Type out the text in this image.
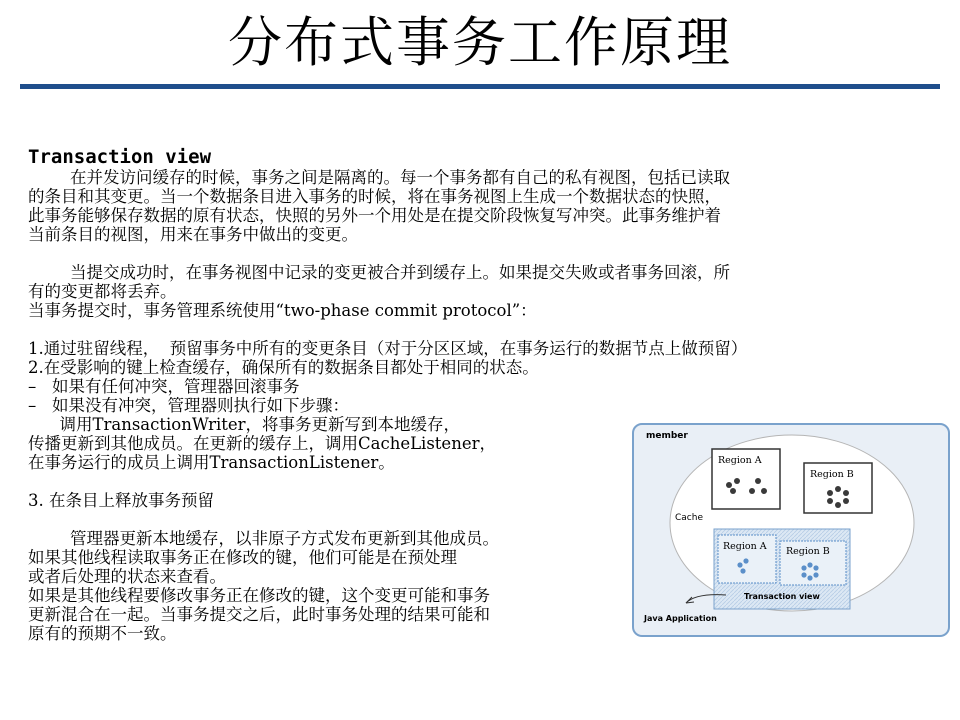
分布式事务工作原理

Transaction view

在并发访问缓存的时候，事务之间是隔离的。每一个事务都有自己的私有视图，包括已读取

的条目和其变更。当一个数据条目进入事务的时候，将在事务视图上生成一个数据状态的快照，

此事务能够保存数据的原有状态，快照的另外一个用处是在提交阶段恢复写冲突。此事务维护着

当前条目的视图，用来在事务中做出的变更。

当提交成功时，在事务视图中记录的变更被合并到缓存上。如果提交失败或者事务回滚，所

有的变更都将丢弃。

当事务提交时，事务管理系统使用“two-phase commit protocol”：

1.通过驻留线程，  预留事务中所有的变更条目（对于分区区域，在事务运行的数据节点上做预留）

2.在受影响的键上检查缓存，确保所有的数据条目都处于相同的状态。

–   如果有任何冲突，管理器回滚事务

–   如果没有冲突，管理器则执行如下步骤：

调用TransactionWriter，将事务更新写到本地缓存，

传播更新到其他成员。在更新的缓存上，调用CacheListener，

在事务运行的成员上调用TransactionListener。

3. 在条目上释放事务预留

管理器更新本地缓存，以非原子方式发布更新到其他成员。

如果其他线程读取事务正在修改的键，他们可能是在预处理

或者后处理的状态来查看。

如果是其他线程要修改事务正在修改的键，这个变更可能和事务

更新混合在一起。当事务提交之后，此时事务处理的结果可能和

原有的预期不一致。

member
Cache
Region A
Region B
Region A Region B
Transaction view
Java Application
